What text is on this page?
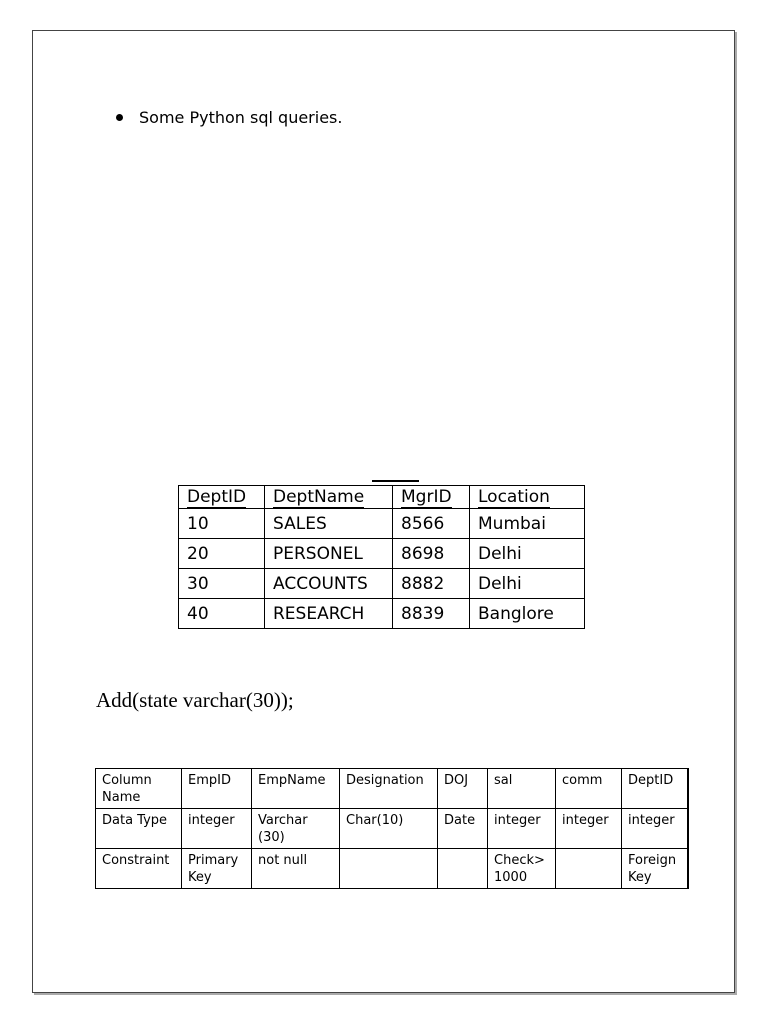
Some Python sql queries.
DeptID	DeptName	MgrID	Location
10	SALES	8566	Mumbai
20	PERSONEL	8698	Delhi
30	ACCOUNTS	8882	Delhi
40	RESEARCH	8839	Banglore
Add(state varchar(30));
Column Name	EmpID	EmpName	Designation	DOJ	sal	comm	DeptID
Data Type	integer	Varchar (30)	Char(10)	Date	integer	integer	integer
Constraint	Primary Key	not null			Check> 1000		Foreign Key
